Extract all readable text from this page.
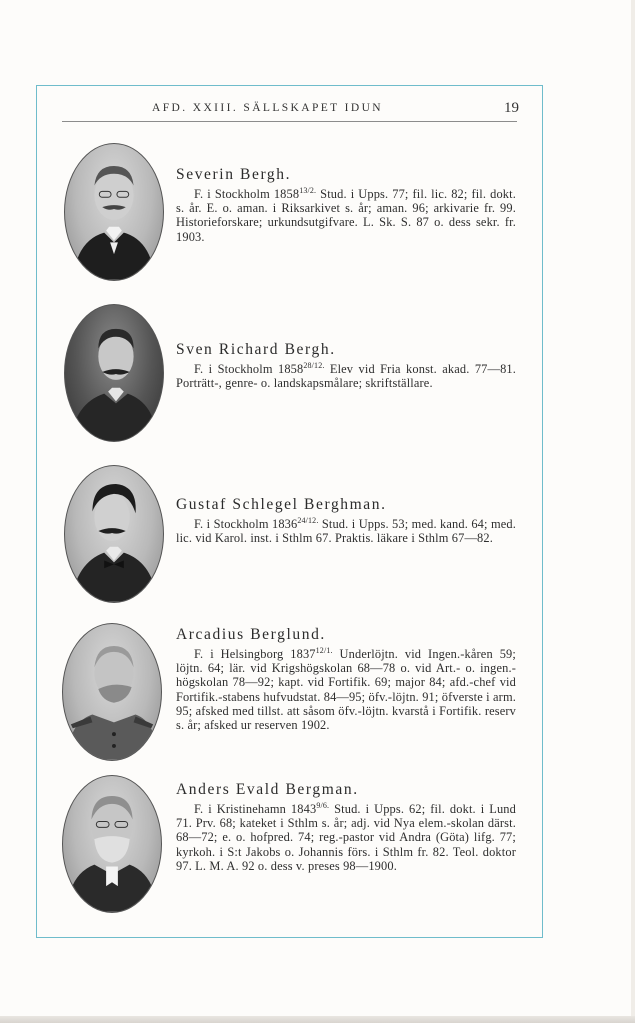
AFD. XXIII. SÄLLSKAPET IDUN	19
Severin Bergh.
F. i Stockholm $1858^{13/2.}$ Stud. i Upps. 77; fil. lic. 82; fil. dokt. s. år. E. o. aman. i Riksarkivet s. år; aman. 96; arkivarie fr. 99. Historieforskare; urkundsutgifvare. L. Sk. S. 87 o. dess sekr. fr. 1903.
Sven Richard Bergh.
F. i Stockholm $1858^{28/12.}$ Elev vid Fria konst. akad. 77—81. Porträtt-, genre- o. landskapsmålare; skriftställare.
Gustaf Schlegel Berghman.
F. i Stockholm $1836^{24/12.}$ Stud. i Upps. 53; med. kand. 64; med. lic. vid Karol. inst. i Sthlm 67. Praktis. läkare i Sthlm 67—82.
Arcadius Berglund.
F. i Helsingborg $1837^{12/1.}$ Underlöjtn. vid Ingen.-kåren 59; löjtn. 64; lär. vid Krigshögskolan 68—78 o. vid Art.- o. ingen.-högskolan 78—92; kapt. vid Fortifik. 69; major 84; afd.-chef vid Fortifik.-stabens hufvudstat. 84—95; öfv.-löjtn. 91; öfverste i arm. 95; afsked med tillst. att såsom öfv.-löjtn. kvarstå i Fortifik. reserv s. år; afsked ur reserven 1902.
Anders Evald Bergman.
F. i Kristinehamn $1843^{9/6.}$ Stud. i Upps. 62; fil. dokt. i Lund 71. Prv. 68; kateket i Sthlm s. år; adj. vid Nya elem.-skolan därst. 68—72; e. o. hofpred. 74; reg.-pastor vid Andra (Göta) lifg. 77; kyrkoh. i S:t Jakobs o. Johannis förs. i Sthlm fr. 82. Teol. doktor 97. L. M. A. 92 o. dess v. preses 98—1900.
